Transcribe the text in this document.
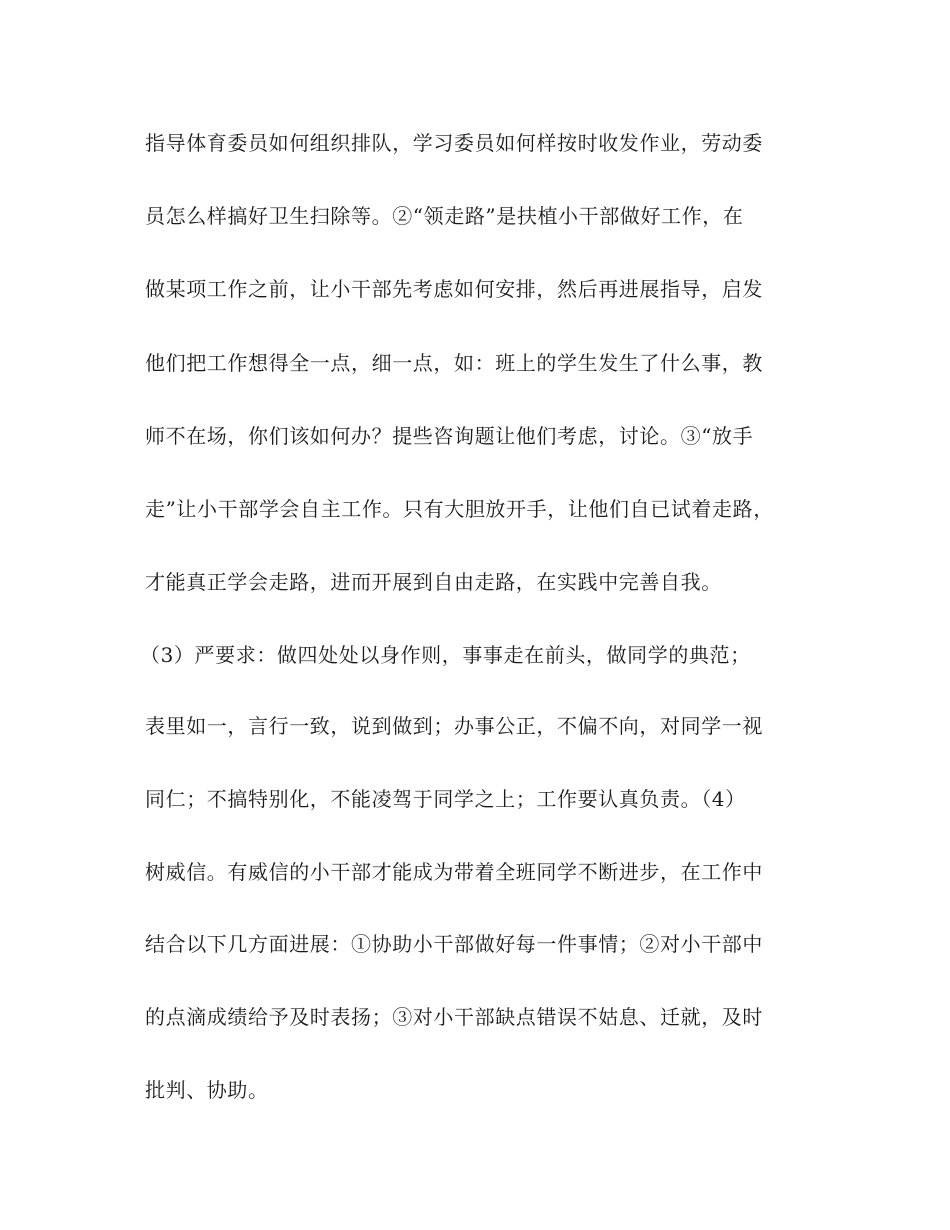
指导体育委员如何组织排队，学习委员如何样按时收发作业，劳动委
员怎么样搞好卫生扫除等。②“领走路”是扶植小干部做好工作，在
做某项工作之前，让小干部先考虑如何安排，然后再进展指导，启发
他们把工作想得全一点，细一点，如：班上的学生发生了什么事，教
师不在场，你们该如何办？提些咨询题让他们考虑，讨论。③“放手
走”让小干部学会自主工作。只有大胆放开手，让他们自已试着走路，
才能真正学会走路，进而开展到自由走路，在实践中完善自我。
（3）严要求：做四处处以身作则，事事走在前头，做同学的典范；
表里如一，言行一致，说到做到；办事公正，不偏不向，对同学一视
同仁；不搞特别化，不能凌驾于同学之上；工作要认真负责。（4）
树威信。有威信的小干部才能成为带着全班同学不断进步，在工作中
结合以下几方面进展：①协助小干部做好每一件事情；②对小干部中
的点滴成绩给予及时表扬；③对小干部缺点错误不姑息、迁就，及时
批判、协助。
